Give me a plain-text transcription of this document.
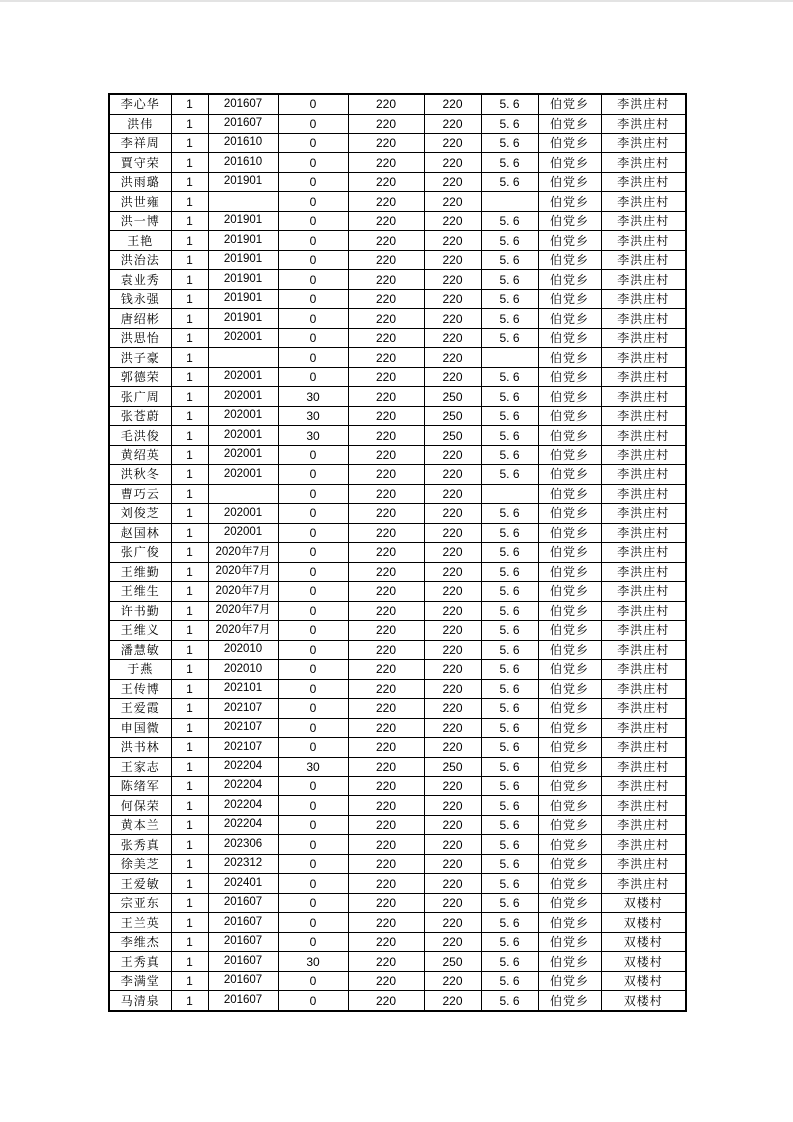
李心华	1	201607	0	220	220	5. 6	伯党乡	李洪庄村
洪伟	1	201607	0	220	220	5. 6	伯党乡	李洪庄村
李祥周	1	201610	0	220	220	5. 6	伯党乡	李洪庄村
賈守荣	1	201610	0	220	220	5. 6	伯党乡	李洪庄村
洪雨璐	1	201901	0	220	220	5. 6	伯党乡	李洪庄村
洪世雍	1		0	220	220		伯党乡	李洪庄村
洪一博	1	201901	0	220	220	5. 6	伯党乡	李洪庄村
王艳	1	201901	0	220	220	5. 6	伯党乡	李洪庄村
洪治法	1	201901	0	220	220	5. 6	伯党乡	李洪庄村
袁业秀	1	201901	0	220	220	5. 6	伯党乡	李洪庄村
钱永强	1	201901	0	220	220	5. 6	伯党乡	李洪庄村
唐绍彬	1	201901	0	220	220	5. 6	伯党乡	李洪庄村
洪思怡	1	202001	0	220	220	5. 6	伯党乡	李洪庄村
洪子豪	1		0	220	220		伯党乡	李洪庄村
郭德荣	1	202001	0	220	220	5. 6	伯党乡	李洪庄村
张广周	1	202001	30	220	250	5. 6	伯党乡	李洪庄村
张苍蔚	1	202001	30	220	250	5. 6	伯党乡	李洪庄村
毛洪俊	1	202001	30	220	250	5. 6	伯党乡	李洪庄村
黄绍英	1	202001	0	220	220	5. 6	伯党乡	李洪庄村
洪秋冬	1	202001	0	220	220	5. 6	伯党乡	李洪庄村
曹巧云	1		0	220	220		伯党乡	李洪庄村
刘俊芝	1	202001	0	220	220	5. 6	伯党乡	李洪庄村
赵国林	1	202001	0	220	220	5. 6	伯党乡	李洪庄村
张广俊	1	2020年7月	0	220	220	5. 6	伯党乡	李洪庄村
王维勤	1	2020年7月	0	220	220	5. 6	伯党乡	李洪庄村
王维生	1	2020年7月	0	220	220	5. 6	伯党乡	李洪庄村
许书勤	1	2020年7月	0	220	220	5. 6	伯党乡	李洪庄村
王维义	1	2020年7月	0	220	220	5. 6	伯党乡	李洪庄村
潘慧敏	1	202010	0	220	220	5. 6	伯党乡	李洪庄村
于燕	1	202010	0	220	220	5. 6	伯党乡	李洪庄村
王传博	1	202101	0	220	220	5. 6	伯党乡	李洪庄村
王爱霞	1	202107	0	220	220	5. 6	伯党乡	李洪庄村
申国微	1	202107	0	220	220	5. 6	伯党乡	李洪庄村
洪书林	1	202107	0	220	220	5. 6	伯党乡	李洪庄村
王家志	1	202204	30	220	250	5. 6	伯党乡	李洪庄村
陈绪军	1	202204	0	220	220	5. 6	伯党乡	李洪庄村
何保荣	1	202204	0	220	220	5. 6	伯党乡	李洪庄村
黄本兰	1	202204	0	220	220	5. 6	伯党乡	李洪庄村
张秀真	1	202306	0	220	220	5. 6	伯党乡	李洪庄村
徐美芝	1	202312	0	220	220	5. 6	伯党乡	李洪庄村
王爱敏	1	202401	0	220	220	5. 6	伯党乡	李洪庄村
宗亚东	1	201607	0	220	220	5. 6	伯党乡	双楼村
王兰英	1	201607	0	220	220	5. 6	伯党乡	双楼村
李维杰	1	201607	0	220	220	5. 6	伯党乡	双楼村
王秀真	1	201607	30	220	250	5. 6	伯党乡	双楼村
李满堂	1	201607	0	220	220	5. 6	伯党乡	双楼村
马清泉	1	201607	0	220	220	5. 6	伯党乡	双楼村
